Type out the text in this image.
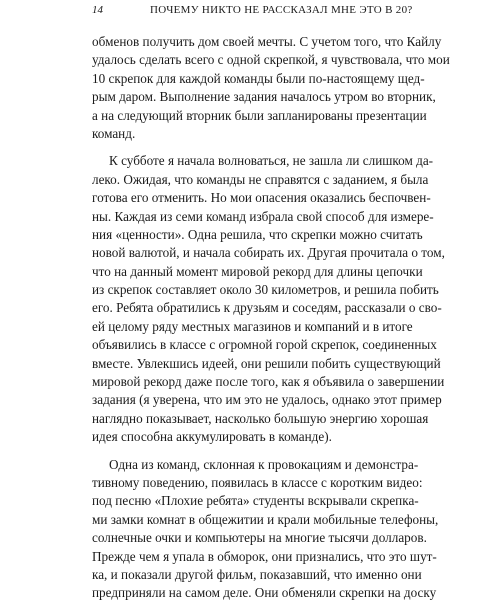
14	ПОЧЕМУ НИКТО НЕ РАССКАЗАЛ МНЕ ЭТО В 20?
обменов получить дом своей мечты. С учетом того, что Кайлу
удалось сделать всего с одной скрепкой, я чувствовала, что мои
10 скрепок для каждой команды были по-настоящему щед-
рым даром. Выполнение задания началось утром во вторник,
а на следующий вторник были запланированы презентации
команд.
К субботе я начала волноваться, не зашла ли слишком да-
леко. Ожидая, что команды не справятся с заданием, я была
готова его отменить. Но мои опасения оказались беспочвен-
ны. Каждая из семи команд избрала свой способ для измере-
ния «ценности». Одна решила, что скрепки можно считать
новой валютой, и начала собирать их. Другая прочитала о том,
что на данный момент мировой рекорд для длины цепочки
из скрепок составляет около 30 километров, и решила побить
его. Ребята обратились к друзьям и соседям, рассказали о сво-
ей целому ряду местных магазинов и компаний и в итоге
объявились в классе с огромной горой скрепок, соединенных
вместе. Увлекшись идеей, они решили побить существующий
мировой рекорд даже после того, как я объявила о завершении
задания (я уверена, что им это не удалось, однако этот пример
наглядно показывает, насколько большую энергию хорошая
идея способна аккумулировать в команде).
Одна из команд, склонная к провокациям и демонстра-
тивному поведению, появилась в классе с коротким видео:
под песню «Плохие ребята» студенты вскрывали скрепка-
ми замки комнат в общежитии и крали мобильные телефоны,
солнечные очки и компьютеры на многие тысячи долларов.
Прежде чем я упала в обморок, они признались, что это шут-
ка, и показали другой фильм, показавший, что именно они
предприняли на самом деле. Они обменяли скрепки на доску
